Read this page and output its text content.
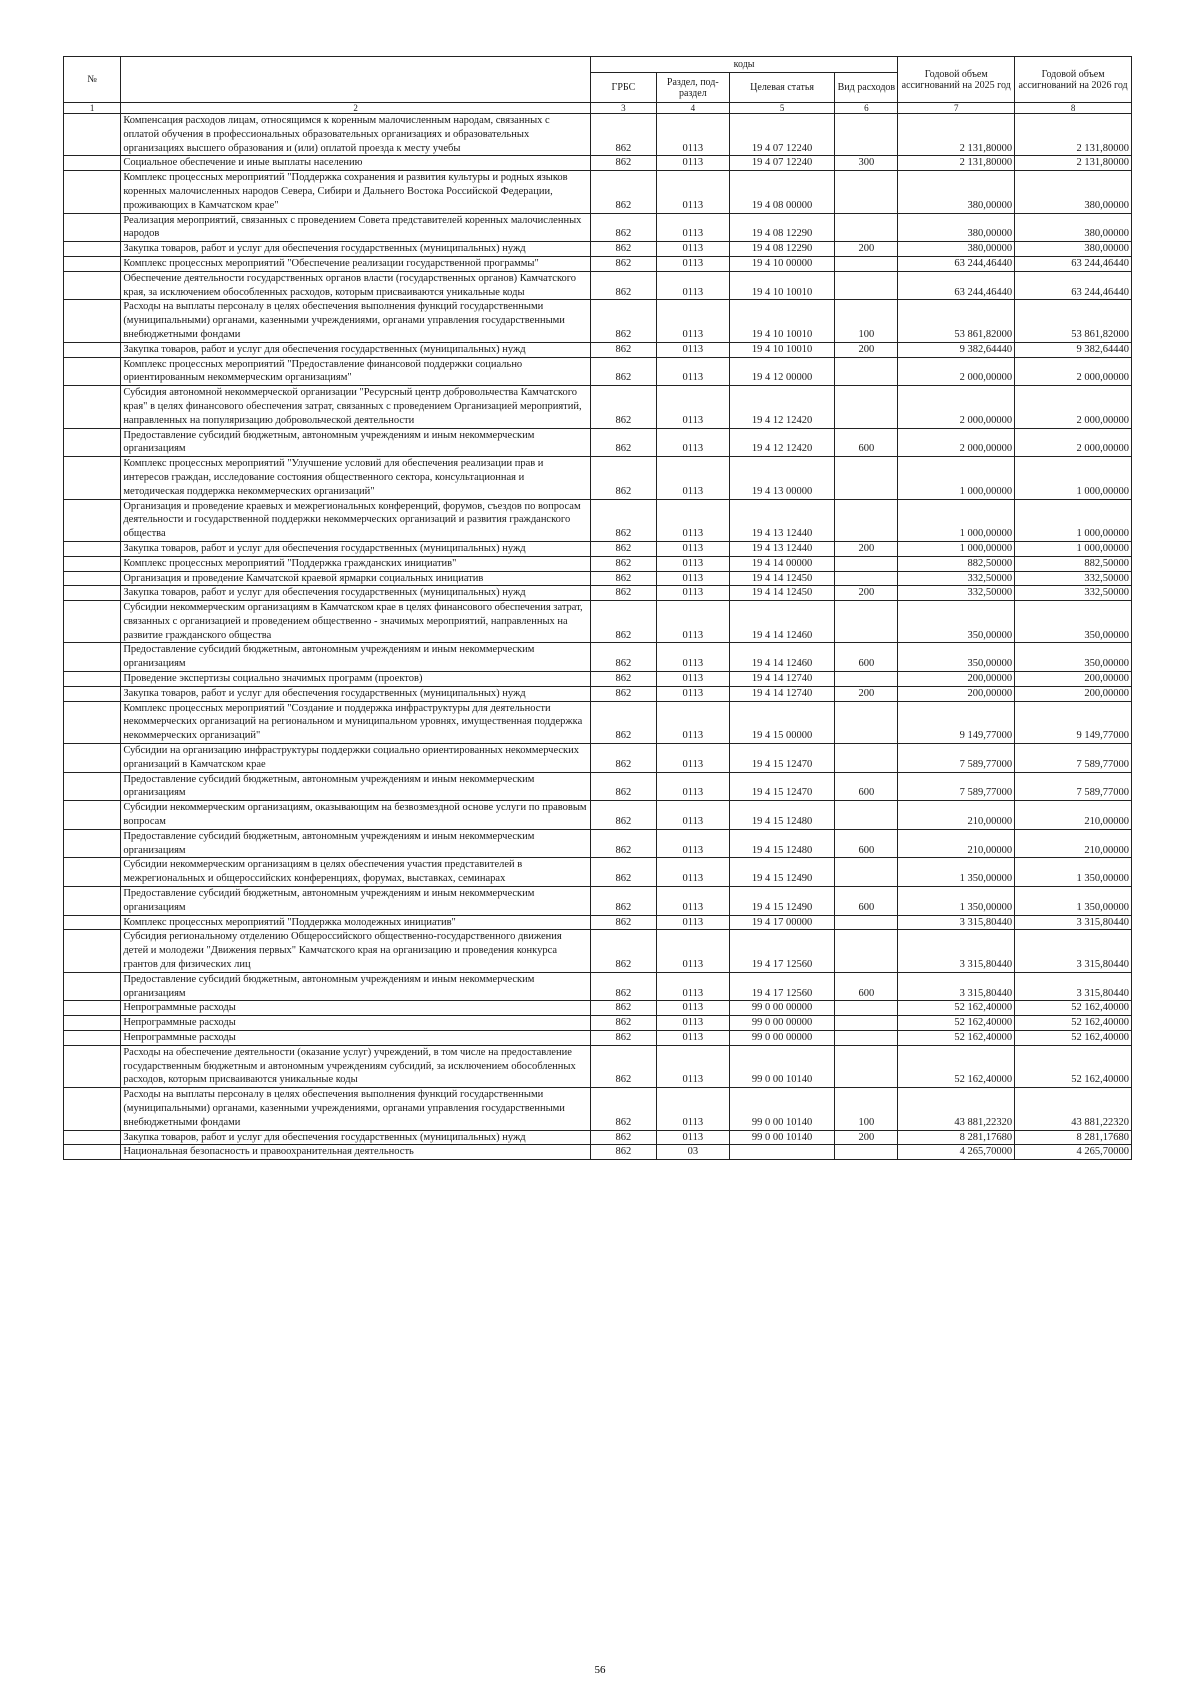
№		коды				Годовой объем ассигнований на 2025 год	Годовой объем ассигнований на 2026 год
		ГРБС	Раздел, под-раздел	Целевая статья	Вид расходов		
1	2	3	4	5	6	7	8
	Компенсация расходов лицам, относящимся к коренным малочисленным народам, связанных с оплатой обучения в профессиональных образовательных организациях и образовательных организациях высшего образования и (или) оплатой проезда к месту учебы	862	0113	19 4 07 12240		2 131,80000	2 131,80000
	Социальное обеспечение и иные выплаты населению	862	0113	19 4 07 12240	300	2 131,80000	2 131,80000
	Комплекс процессных мероприятий "Поддержка сохранения и развития культуры и родных языков коренных малочисленных народов Севера, Сибири и Дальнего Востока Российской Федерации, проживающих в Камчатском крае"	862	0113	19 4 08 00000		380,00000	380,00000
	Реализация мероприятий, связанных с проведением Совета представителей коренных малочисленных народов	862	0113	19 4 08 12290		380,00000	380,00000
	Закупка товаров, работ и услуг для обеспечения государственных (муниципальных) нужд	862	0113	19 4 08 12290	200	380,00000	380,00000
	Комплекс процессных мероприятий "Обеспечение реализации государственной программы"	862	0113	19 4 10 00000		63 244,46440	63 244,46440
	Обеспечение деятельности государственных органов власти (государственных органов) Камчатского края, за исключением обособленных расходов, которым присваиваются уникальные коды	862	0113	19 4 10 10010		63 244,46440	63 244,46440
	Расходы на выплаты персоналу в целях обеспечения выполнения функций государственными (муниципальными) органами, казенными учреждениями, органами управления государственными внебюджетными фондами	862	0113	19 4 10 10010	100	53 861,82000	53 861,82000
	Закупка товаров, работ и услуг для обеспечения государственных (муниципальных) нужд	862	0113	19 4 10 10010	200	9 382,64440	9 382,64440
	Комплекс процессных мероприятий "Предоставление финансовой поддержки социально ориентированным некоммерческим организациям"	862	0113	19 4 12 00000		2 000,00000	2 000,00000
	Субсидия автономной некоммерческой организации "Ресурсный центр добровольчества Камчатского края" в целях финансового обеспечения затрат, связанных с проведением Организацией мероприятий, направленных на популяризацию добровольческой деятельности	862	0113	19 4 12 12420		2 000,00000	2 000,00000
	Предоставление субсидий бюджетным, автономным учреждениям и иным некоммерческим организациям	862	0113	19 4 12 12420	600	2 000,00000	2 000,00000
	Комплекс процессных мероприятий "Улучшение условий для обеспечения реализации прав и интересов граждан, исследование состояния общественного сектора, консультационная и методическая поддержка некоммерческих организаций"	862	0113	19 4 13 00000		1 000,00000	1 000,00000
	Организация и проведение краевых и межрегиональных конференций, форумов, съездов по вопросам деятельности и государственной поддержки некоммерческих организаций и развития гражданского общества	862	0113	19 4 13 12440		1 000,00000	1 000,00000
	Закупка товаров, работ и услуг для обеспечения государственных (муниципальных) нужд	862	0113	19 4 13 12440	200	1 000,00000	1 000,00000
	Комплекс процессных мероприятий "Поддержка гражданских инициатив"	862	0113	19 4 14 00000		882,50000	882,50000
	Организация и проведение Камчатской краевой ярмарки социальных инициатив	862	0113	19 4 14 12450		332,50000	332,50000
	Закупка товаров, работ и услуг для обеспечения государственных (муниципальных) нужд	862	0113	19 4 14 12450	200	332,50000	332,50000
	Субсидии некоммерческим организациям в Камчатском крае в целях финансового обеспечения затрат, связанных с организацией и проведением общественно - значимых мероприятий, направленных на развитие гражданского общества	862	0113	19 4 14 12460		350,00000	350,00000
	Предоставление субсидий бюджетным, автономным учреждениям и иным некоммерческим организациям	862	0113	19 4 14 12460	600	350,00000	350,00000
	Проведение экспертизы социально значимых программ (проектов)	862	0113	19 4 14 12740		200,00000	200,00000
	Закупка товаров, работ и услуг для обеспечения государственных (муниципальных) нужд	862	0113	19 4 14 12740	200	200,00000	200,00000
	Комплекс процессных мероприятий "Создание и поддержка инфраструктуры для деятельности некоммерческих организаций на региональном и муниципальном уровнях, имущественная поддержка некоммерческих организаций"	862	0113	19 4 15 00000		9 149,77000	9 149,77000
	Субсидии на организацию инфраструктуры поддержки социально ориентированных некоммерческих организаций в Камчатском крае	862	0113	19 4 15 12470		7 589,77000	7 589,77000
	Предоставление субсидий бюджетным, автономным учреждениям и иным некоммерческим организациям	862	0113	19 4 15 12470	600	7 589,77000	7 589,77000
	Субсидии некоммерческим организациям, оказывающим на безвозмездной основе услуги по правовым вопросам	862	0113	19 4 15 12480		210,00000	210,00000
	Предоставление субсидий бюджетным, автономным учреждениям и иным некоммерческим организациям	862	0113	19 4 15 12480	600	210,00000	210,00000
	Субсидии некоммерческим организациям в целях обеспечения участия представителей в межрегиональных и общероссийских конференциях, форумах, выставках, семинарах	862	0113	19 4 15 12490		1 350,00000	1 350,00000
	Предоставление субсидий бюджетным, автономным учреждениям и иным некоммерческим организациям	862	0113	19 4 15 12490	600	1 350,00000	1 350,00000
	Комплекс процессных мероприятий "Поддержка молодежных инициатив"	862	0113	19 4 17 00000		3 315,80440	3 315,80440
	Субсидия региональному отделению Общероссийского общественно-государственного движения детей и молодежи "Движения первых" Камчатского края на организацию и проведения конкурса грантов для физических лиц	862	0113	19 4 17 12560		3 315,80440	3 315,80440
	Предоставление субсидий бюджетным, автономным учреждениям и иным некоммерческим организациям	862	0113	19 4 17 12560	600	3 315,80440	3 315,80440
	Непрограммные расходы	862	0113	99 0 00 00000		52 162,40000	52 162,40000
	Непрограммные расходы	862	0113	99 0 00 00000		52 162,40000	52 162,40000
	Непрограммные расходы	862	0113	99 0 00 00000		52 162,40000	52 162,40000
	Расходы на обеспечение деятельности (оказание услуг) учреждений, в том числе на предоставление государственным бюджетным и автономным учреждениям субсидий, за исключением обособленных расходов, которым присваиваются уникальные коды	862	0113	99 0 00 10140		52 162,40000	52 162,40000
	Расходы на выплаты персоналу в целях обеспечения выполнения функций государственными (муниципальными) органами, казенными учреждениями, органами управления государственными внебюджетными фондами	862	0113	99 0 00 10140	100	43 881,22320	43 881,22320
	Закупка товаров, работ и услуг для обеспечения государственных (муниципальных) нужд	862	0113	99 0 00 10140	200	8 281,17680	8 281,17680
	Национальная безопасность и правоохранительная деятельность	862	03			4 265,70000	4 265,70000
56
